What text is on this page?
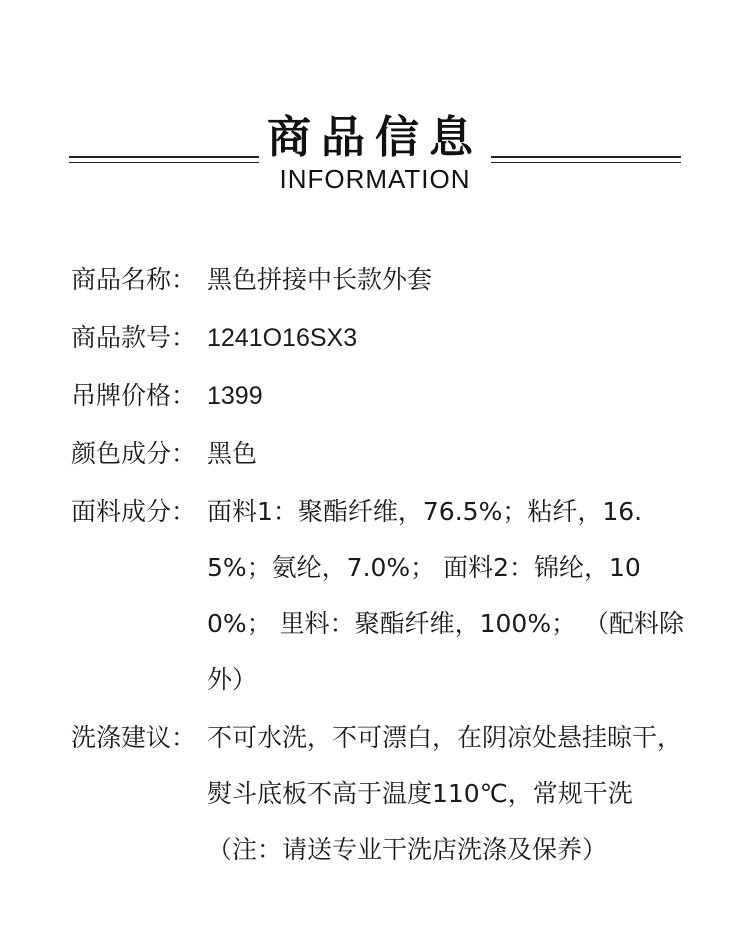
商品信息
INFORMATION
商品名称： 黑色拼接中长款外套
商品款号： 1241O16SX3
吊牌价格： 1399
颜色成分： 黑色
面料成分： 面料1：聚酯纤维，76.5%；粘纤，16.5%；氨纶，7.0%； 面料2：锦纶，100%； 里料：聚酯纤维，100%； （配料除外）
洗涤建议： 不可水洗，不可漂白，在阴凉处悬挂晾干，熨斗底板不高于温度110℃，常规干洗（注：请送专业干洗店洗涤及保养）
